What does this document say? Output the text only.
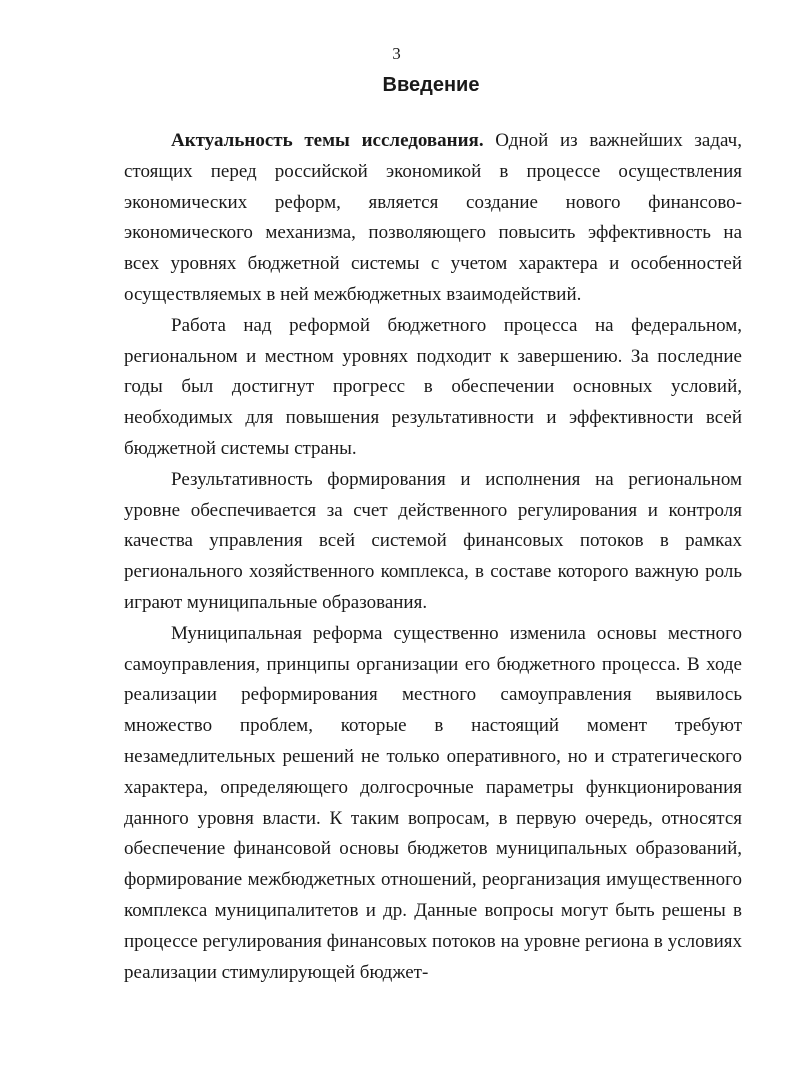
3
Введение

Актуальность темы исследования. Одной из важнейших задач, стоящих перед российской экономикой в процессе осуществления экономических реформ, является создание нового финансово-экономического механизма, позволяющего повысить эффективность на всех уровнях бюджетной системы с учетом характера и особенностей осуществляемых в ней межбюджетных взаимодействий.

Работа над реформой бюджетного процесса на федеральном, региональном и местном уровнях подходит к завершению. За последние годы был достигнут прогресс в обеспечении основных условий, необходимых для повышения результативности и эффективности всей бюджетной системы страны.

Результативность формирования и исполнения на региональном уровне обеспечивается за счет действенного регулирования и контроля качества управления всей системой финансовых потоков в рамках регионального хозяйственного комплекса, в составе которого важную роль играют муниципальные образования.

Муниципальная реформа существенно изменила основы местного самоуправления, принципы организации его бюджетного процесса. В ходе реализации реформирования местного самоуправления выявилось множество проблем, которые в настоящий момент требуют незамедлительных решений не только оперативного, но и стратегического характера, определяющего долгосрочные параметры функционирования данного уровня власти. К таким вопросам, в первую очередь, относятся обеспечение финансовой основы бюджетов муниципальных образований, формирование межбюджетных отношений, реорганизация имущественного комплекса муниципалитетов и др. Данные вопросы могут быть решены в процессе регулирования финансовых потоков на уровне региона в условиях реализации стимулирующей бюджет-
